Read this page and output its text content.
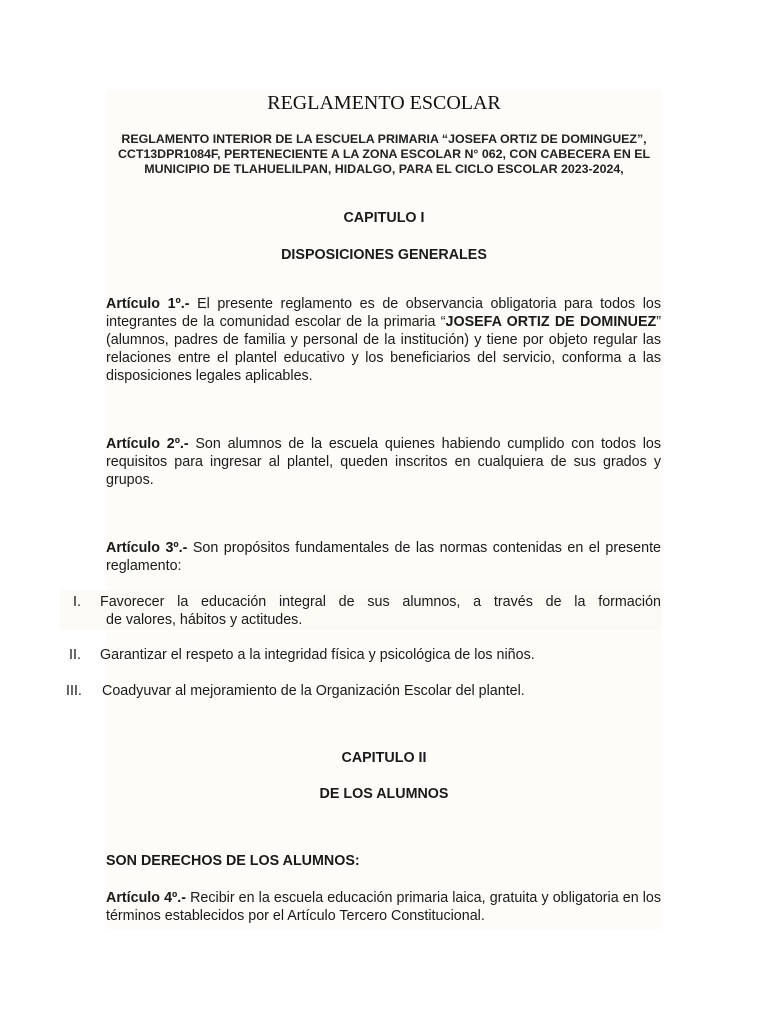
REGLAMENTO ESCOLAR
REGLAMENTO INTERIOR DE LA ESCUELA PRIMARIA “JOSEFA ORTIZ DE DOMINGUEZ”,
CCT13DPR1084F, PERTENECIENTE A LA ZONA ESCOLAR N° 062, CON CABECERA EN EL
MUNICIPIO DE TLAHUELILPAN, HIDALGO, PARA EL CICLO ESCOLAR 2023-2024,
CAPITULO I
DISPOSICIONES GENERALES
Artículo 1º.- El presente reglamento es de observancia obligatoria para todos los integrantes de la comunidad escolar de la primaria “JOSEFA ORTIZ DE DOMINUEZ” (alumnos, padres de familia y personal de la institución) y tiene por objeto regular las relaciones entre el plantel educativo y los beneficiarios del servicio, conforma a las disposiciones legales aplicables.
Artículo 2º.- Son alumnos de la escuela quienes habiendo cumplido con todos los requisitos para ingresar al plantel, queden inscritos en cualquiera de sus grados y grupos.
Artículo 3º.- Son propósitos fundamentales de las normas contenidas en el presente reglamento:
I. Favorecer la educación integral de sus alumnos, a través de la formación
de valores, hábitos y actitudes.
II. Garantizar el respeto a la integridad física y psicológica de los niños.
III. Coadyuvar al mejoramiento de la Organización Escolar del plantel.
CAPITULO II
DE LOS ALUMNOS
SON DERECHOS DE LOS ALUMNOS:
Artículo 4º.- Recibir en la escuela educación primaria laica, gratuita y obligatoria en los términos establecidos por el Artículo Tercero Constitucional.
